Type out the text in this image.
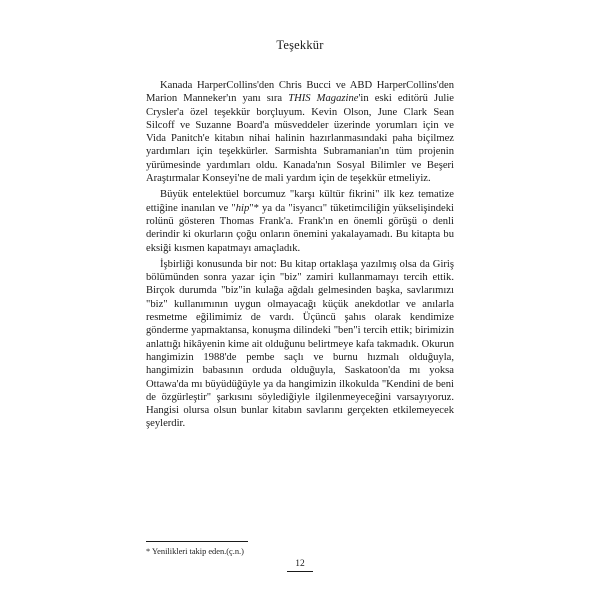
Teşekkür

Kanada HarperCollins'den Chris Bucci ve ABD HarperCollins'den Marion Manneker'ın yanı sıra THIS Magazine'in eski editörü Julie Crysler'a özel teşekkür borçluyum. Kevin Olson, June Clark Sean Silcoff ve Suzanne Board'a müsveddeler üzerinde yorumları için ve Vida Panitch'e kitabın nihai halinin hazırlanmasındaki paha biçilmez yardımları için teşekkürler. Sarmishta Subramanian'ın tüm projenin yürümesinde yardımları oldu. Kanada'nın Sosyal Bilimler ve Beşeri Araştırmalar Konseyi'ne de mali yardım için de teşekkür etmeliyiz.

Büyük entelektüel borcumuz "karşı kültür fikrini" ilk kez tematize ettiğine inanılan ve "hip"* ya da "isyancı" tüketimciliğin yükselişindeki rolünü gösteren Thomas Frank'a. Frank'ın en önemli görüşü o denli derindir ki okurların çoğu onların önemini yakalayamadı. Bu kitapta bu eksiği kısmen kapatmayı amaçladık.

İşbirliği konusunda bir not: Bu kitap ortaklaşa yazılmış olsa da Giriş bölümünden sonra yazar için "biz" zamiri kullanmamayı tercih ettik. Birçok durumda "biz"in kulağa ağdalı gelmesinden başka, savlarımızı "biz" kullanımının uygun olmayacağı küçük anekdotlar ve anılarla resmetme eğilimimiz de vardı. Üçüncü şahıs olarak kendimize gönderme yapmaktansa, konuşma dilindeki "ben"i tercih ettik; birimizin anlattığı hikâyenin kime ait olduğunu belirtmeye kafa takmadık. Okurun hangimizin 1988'de pembe saçlı ve burnu hızmalı olduğuyla, hangimizin babasının orduda olduğuyla, Saskatoon'da mı yoksa Ottawa'da mı büyüdüğüyle ya da hangimizin ilkokulda "Kendini de beni de özgürleştir" şarkısını söylediğiyle ilgilenmeyeceğini varsayıyoruz. Hangisi olursa olsun bunlar kitabın savlarını gerçekten etkilemeyecek şeylerdir.

* Yenilikleri takip eden.(ç.n.)
12
